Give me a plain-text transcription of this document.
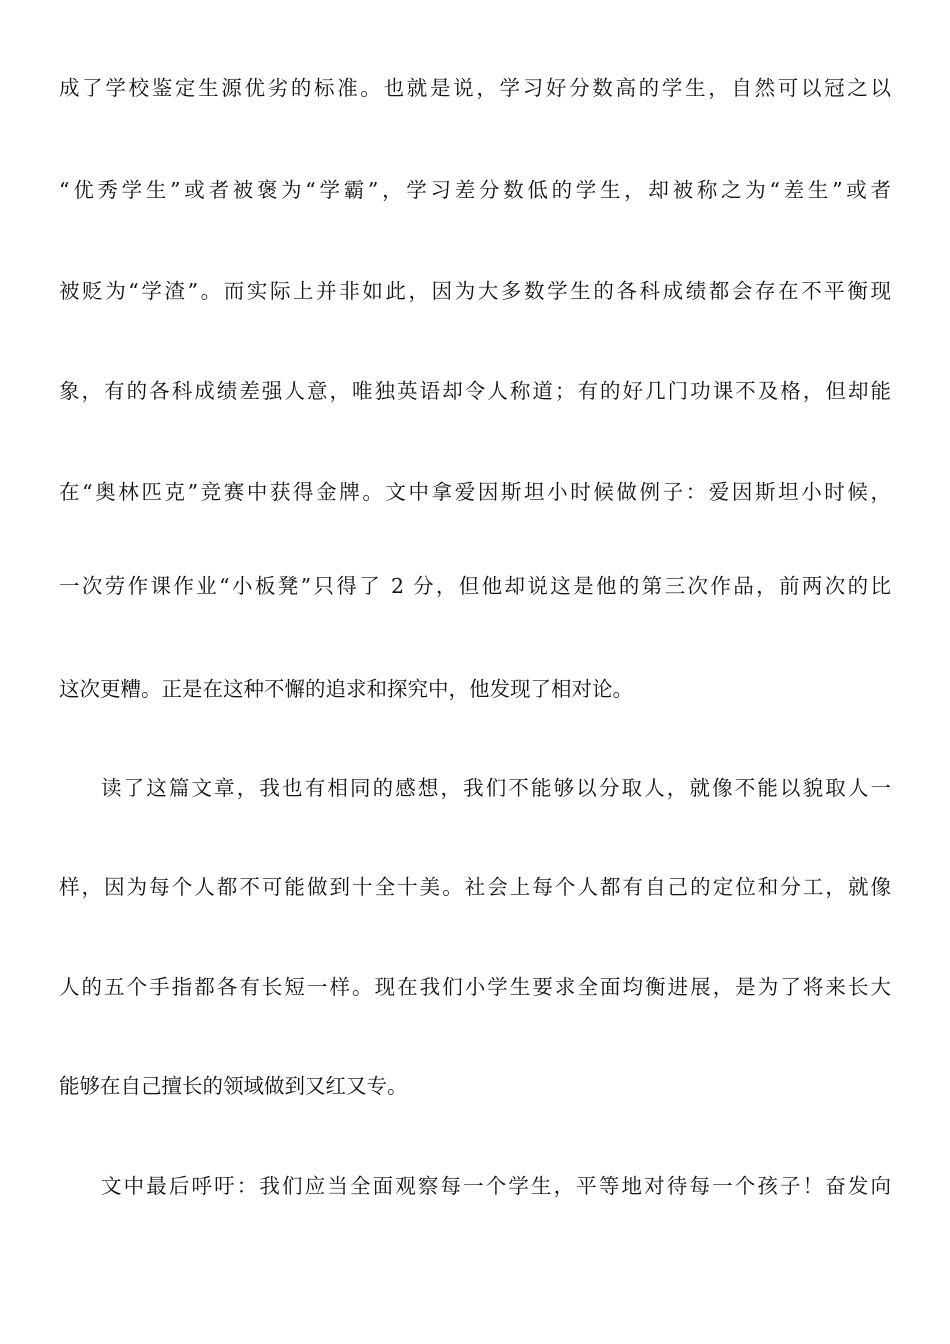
成了学校鉴定生源优劣的标准。也就是说，学习好分数高的学生，自然可以冠之以
“优秀学生”或者被褒为“学霸”，学习差分数低的学生，却被称之为“差生”或者
被贬为“学渣”。而实际上并非如此，因为大多数学生的各科成绩都会存在不平衡现
象，有的各科成绩差强人意，唯独英语却令人称道；有的好几门功课不及格，但却能
在“奥林匹克”竞赛中获得金牌。文中拿爱因斯坦小时候做例子：爱因斯坦小时候，
一次劳作课作业“小板凳”只得了 2 分，但他却说这是他的第三次作品，前两次的比
这次更糟。正是在这种不懈的追求和探究中，他发现了相对论。
读了这篇文章，我也有相同的感想，我们不能够以分取人，就像不能以貌取人一
样，因为每个人都不可能做到十全十美。社会上每个人都有自己的定位和分工，就像
人的五个手指都各有长短一样。现在我们小学生要求全面均衡进展，是为了将来长大
能够在自己擅长的领域做到又红又专。
文中最后呼吁：我们应当全面观察每一个学生，平等地对待每一个孩子！奋发向
